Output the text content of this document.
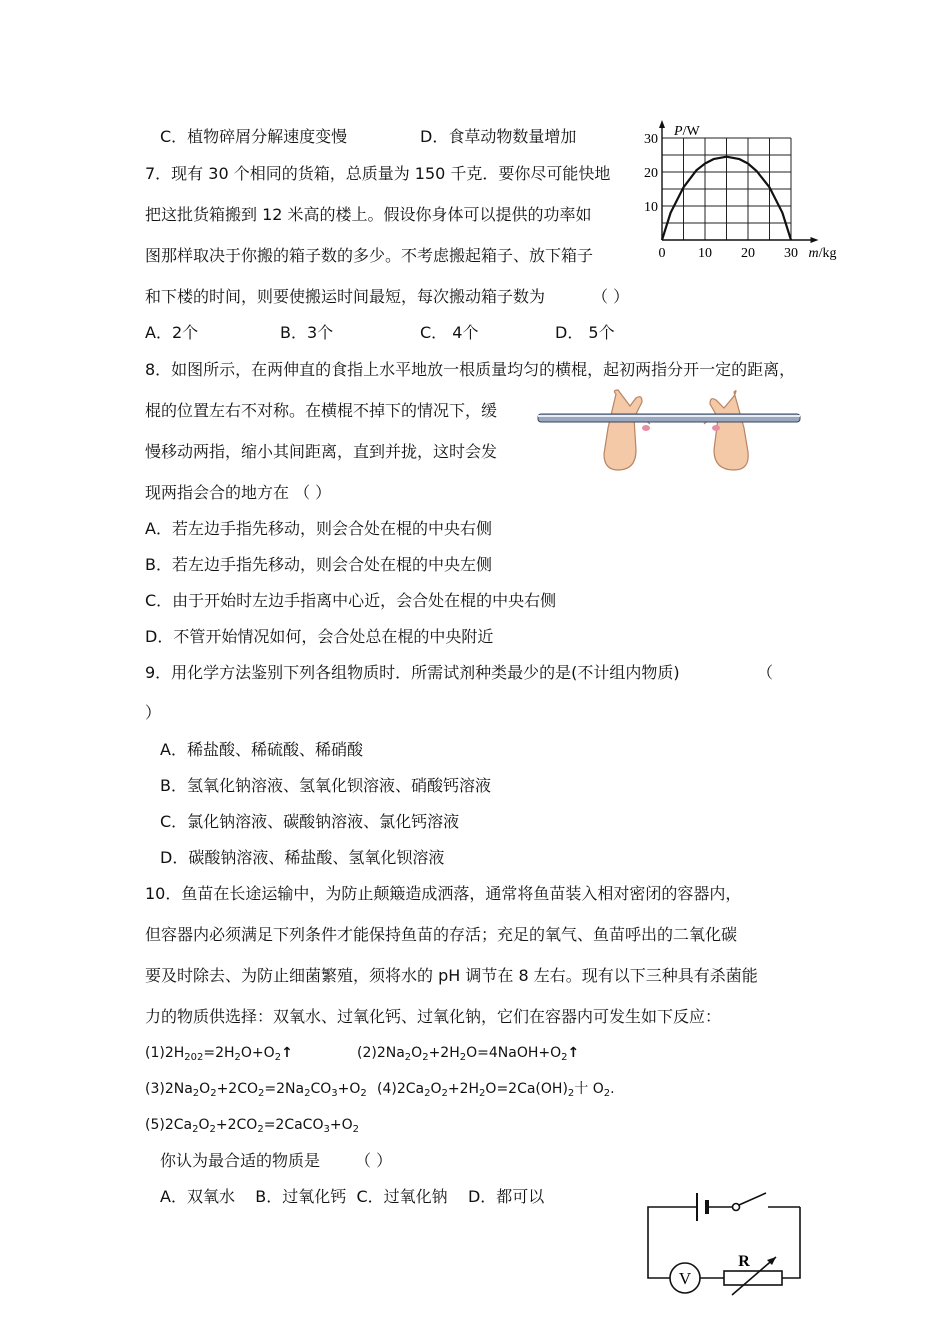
C．植物碎屑分解速度变慢	D．食草动物数量增加
7．现有 30 个相同的货箱，总质量为 150 千克．要你尽可能快地
把这批货箱搬到 12 米高的楼上。假设你身体可以提供的功率如
图那样取决于你搬的箱子数的多少。不考虑搬起箱子、放下箱子
和下楼的时间，则要使搬运时间最短，每次搬动箱子数为	（ ）
A．2个	B．3个	C． 4个	D． 5个
0 10 20 30
10
20
30
P/W
m/kg
8．如图所示，在两伸直的食指上水平地放一根质量均匀的横棍，起初两指分开一定的距离，
棍的位置左右不对称。在横棍不掉下的情况下，缓
慢移动两指，缩小其间距离，直到并拢，这时会发
现两指会合的地方在 （ ）
A．若左边手指先移动，则会合处在棍的中央右侧
B．若左边手指先移动，则会合处在棍的中央左侧
C．由于开始时左边手指离中心近，会合处在棍的中央右侧
D．不管开始情况如何，会合处总在棍的中央附近
9．用化学方法鉴别下列各组物质时．所需试剂种类最少的是(不计组内物质)	（
）
A．稀盐酸、稀硫酸、稀硝酸
B．氢氧化钠溶液、氢氧化钡溶液、硝酸钙溶液
C．氯化钠溶液、碳酸钠溶液、氯化钙溶液
D．碳酸钠溶液、稀盐酸、氢氧化钡溶液
10．鱼苗在长途运输中，为防止颠簸造成洒落，通常将鱼苗装入相对密闭的容器内，
但容器内必须满足下列条件才能保持鱼苗的存活；充足的氧气、鱼苗呼出的二氧化碳
要及时除去、为防止细菌繁殖，须将水的 pH 调节在 8 左右。现有以下三种具有杀菌能
力的物质供选择：双氧水、过氧化钙、过氧化钠，它们在容器内可发生如下反应：
$(1)2H_{202}=2H_2O+O_2↑$	$(2)2Na_2O_2+2H_2O=4NaOH+O_2↑$
$(3)2Na_2O_2+2CO_2=2Na_2CO_3+O_2$ $(4)2Ca_2O_2+2H_2O=2Ca(OH)_2$十 $O_2$.
$(5)2Ca_2O_2+2CO_2=2CaCO_3+O_2$
你认为最合适的物质是 （ ）
A．双氧水    B．过氧化钙  C．过氧化钠    D．都可以
V
R
